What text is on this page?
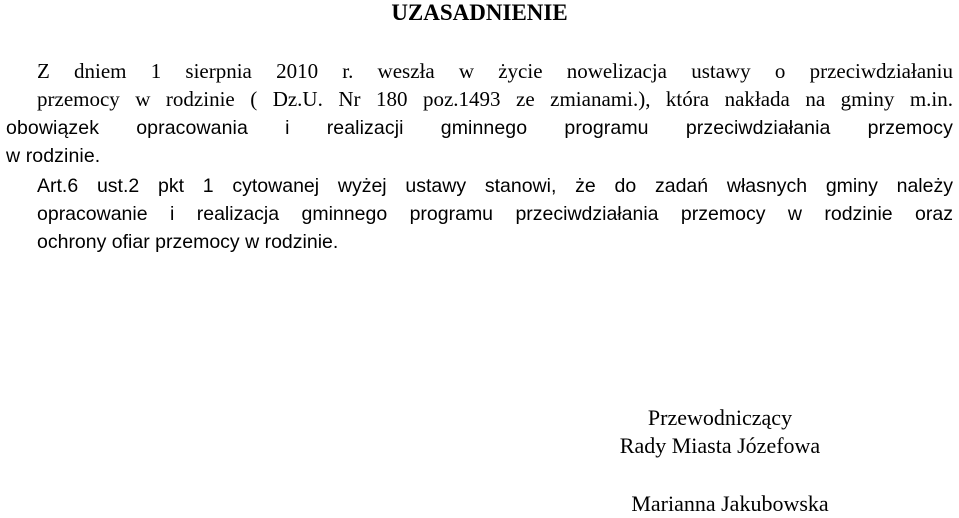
UZASADNIENIE
Z dniem 1 sierpnia 2010 r. weszła w życie nowelizacja ustawy o przeciwdziałaniu
przemocy w rodzinie ( Dz.U. Nr 180 poz.1493 ze zmianami.), która nakłada na gminy m.in.
obowiązek opracowania i realizacji gminnego programu przeciwdziałania przemocy
w rodzinie.
Art.6 ust.2 pkt 1 cytowanej wyżej ustawy stanowi, że do zadań własnych gminy należy
opracowanie i realizacja gminnego programu przeciwdziałania przemocy w rodzinie oraz
ochrony ofiar przemocy w rodzinie.
Przewodniczący
Rady Miasta Józefowa
Marianna Jakubowska
